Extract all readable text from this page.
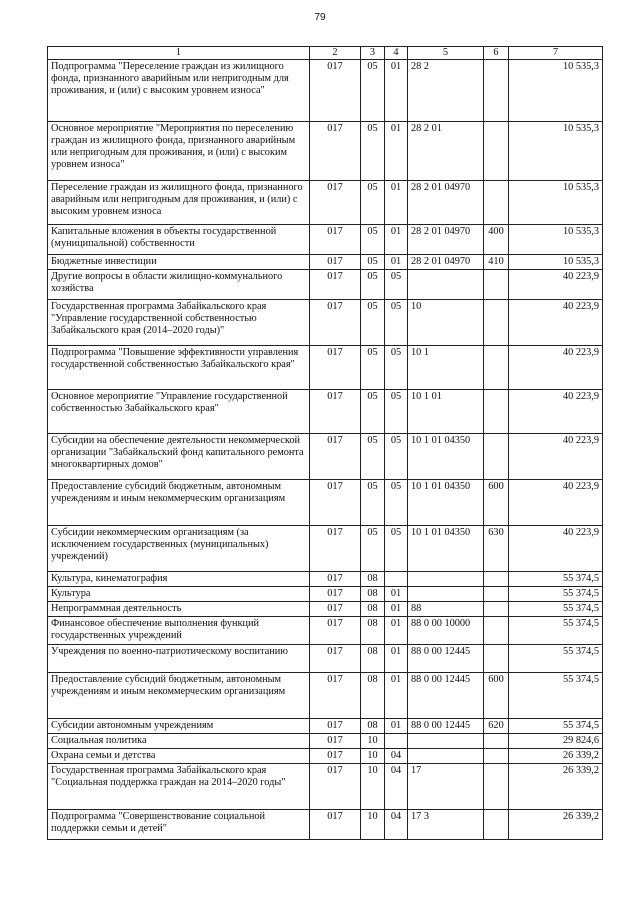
79
1	2	3	4	5	6	7
Подпрограмма "Переселение граждан из жилищного фонда, признанного аварийным или непригодным для проживания, и (или) с высоким уровнем износа"	017	05	01	28 2		10 535,3
Основное мероприятие "Мероприятия по переселению граждан из жилищного фонда, признанного аварийным или непригодным для проживания, и (или) с высоким уровнем износа"	017	05	01	28 2 01		10 535,3
Переселение граждан из жилищного фонда, признанного аварийным или непригодным для проживания, и (или) с высоким уровнем износа	017	05	01	28 2 01 04970		10 535,3
Капитальные вложения в объекты государственной (муниципальной) собственности	017	05	01	28 2 01 04970	400	10 535,3
Бюджетные инвестиции	017	05	01	28 2 01 04970	410	10 535,3
Другие вопросы в области жилищно-коммунального хозяйства	017	05	05			40 223,9
Государственная программа Забайкальского края "Управление государственной собственностью Забайкальского края (2014–2020 годы)"	017	05	05	10		40 223,9
Подпрограмма "Повышение эффективности управления государственной собственностью Забайкальского края"	017	05	05	10 1		40 223,9
Основное мероприятие "Управление государственной собственностью Забайкальского края"	017	05	05	10 1 01		40 223,9
Субсидии на обеспечение деятельности некоммерческой организации "Забайкальский фонд капитального ремонта многоквартирных домов"	017	05	05	10 1 01 04350		40 223,9
Предоставление субсидий бюджетным, автономным учреждениям и иным некоммерческим организациям	017	05	05	10 1 01 04350	600	40 223,9
Субсидии некоммерческим организациям (за исключением государственных (муниципальных) учреждений)	017	05	05	10 1 01 04350	630	40 223,9
Культура, кинематография	017	08				55 374,5
Культура	017	08	01			55 374,5
Непрограммная деятельность	017	08	01	88		55 374,5
Финансовое обеспечение выполнения функций государственных учреждений	017	08	01	88 0 00 10000		55 374,5
Учреждения по военно-патриотическому воспитанию	017	08	01	88 0 00 12445		55 374,5
Предоставление субсидий бюджетным, автономным учреждениям и иным некоммерческим организациям	017	08	01	88 0 00 12445	600	55 374,5
Субсидии автономным учреждениям	017	08	01	88 0 00 12445	620	55 374,5
Социальная политика	017	10				29 824,6
Охрана семьи и детства	017	10	04			26 339,2
Государственная программа Забайкальского края "Социальная поддержка граждан на 2014–2020 годы"	017	10	04	17		26 339,2
Подпрограмма "Совершенствование социальной поддержки семьи и детей"	017	10	04	17 3		26 339,2
